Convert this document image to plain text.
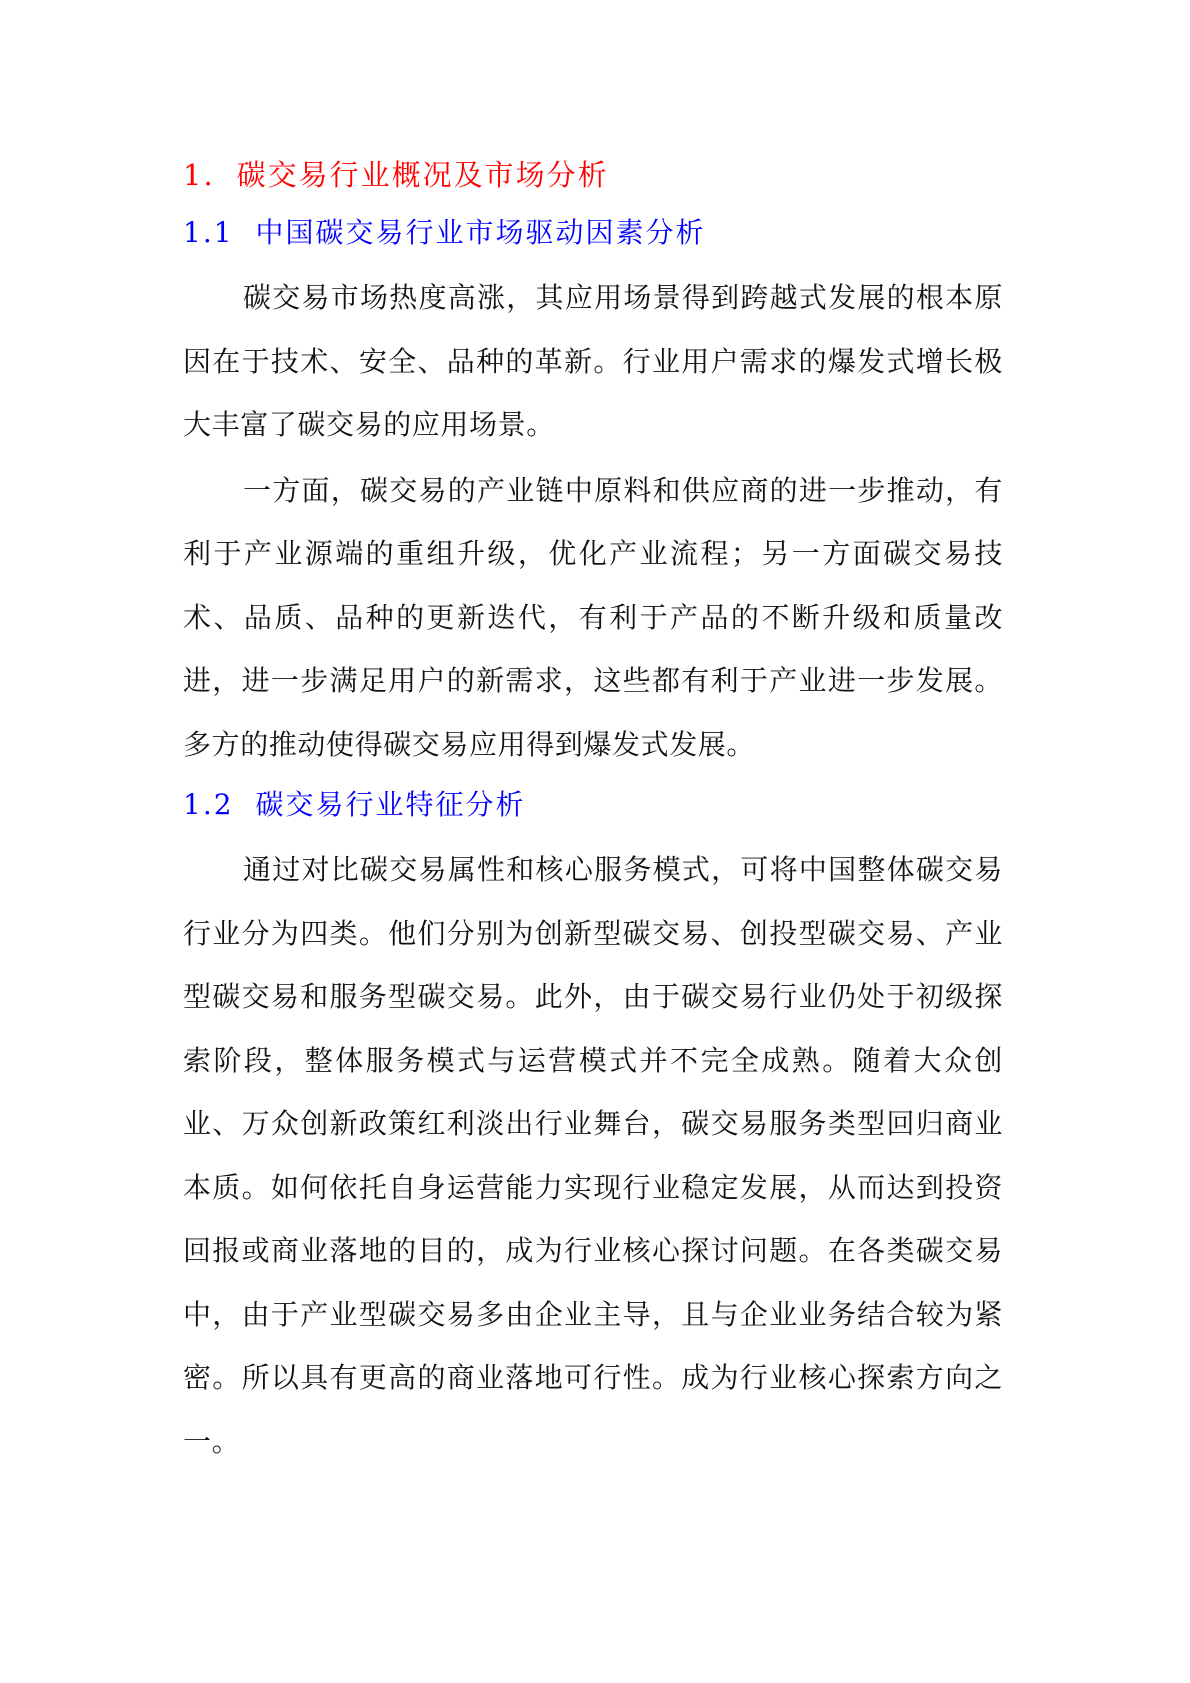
1. 碳交易行业概况及市场分析
1.1 中国碳交易行业市场驱动因素分析

碳交易市场热度高涨，其应用场景得到跨越式发展的根本原因在于技术、安全、品种的革新。行业用户需求的爆发式增长极大丰富了碳交易的应用场景。

一方面，碳交易的产业链中原料和供应商的进一步推动，有利于产业源端的重组升级，优化产业流程；另一方面碳交易技术、品质、品种的更新迭代，有利于产品的不断升级和质量改进，进一步满足用户的新需求，这些都有利于产业进一步发展。多方的推动使得碳交易应用得到爆发式发展。

1.2 碳交易行业特征分析

通过对比碳交易属性和核心服务模式，可将中国整体碳交易行业分为四类。他们分别为创新型碳交易、创投型碳交易、产业型碳交易和服务型碳交易。此外，由于碳交易行业仍处于初级探索阶段，整体服务模式与运营模式并不完全成熟。随着大众创业、万众创新政策红利淡出行业舞台，碳交易服务类型回归商业本质。如何依托自身运营能力实现行业稳定发展，从而达到投资回报或商业落地的目的，成为行业核心探讨问题。在各类碳交易中，由于产业型碳交易多由企业主导，且与企业业务结合较为紧密。所以具有更高的商业落地可行性。成为行业核心探索方向之一。
